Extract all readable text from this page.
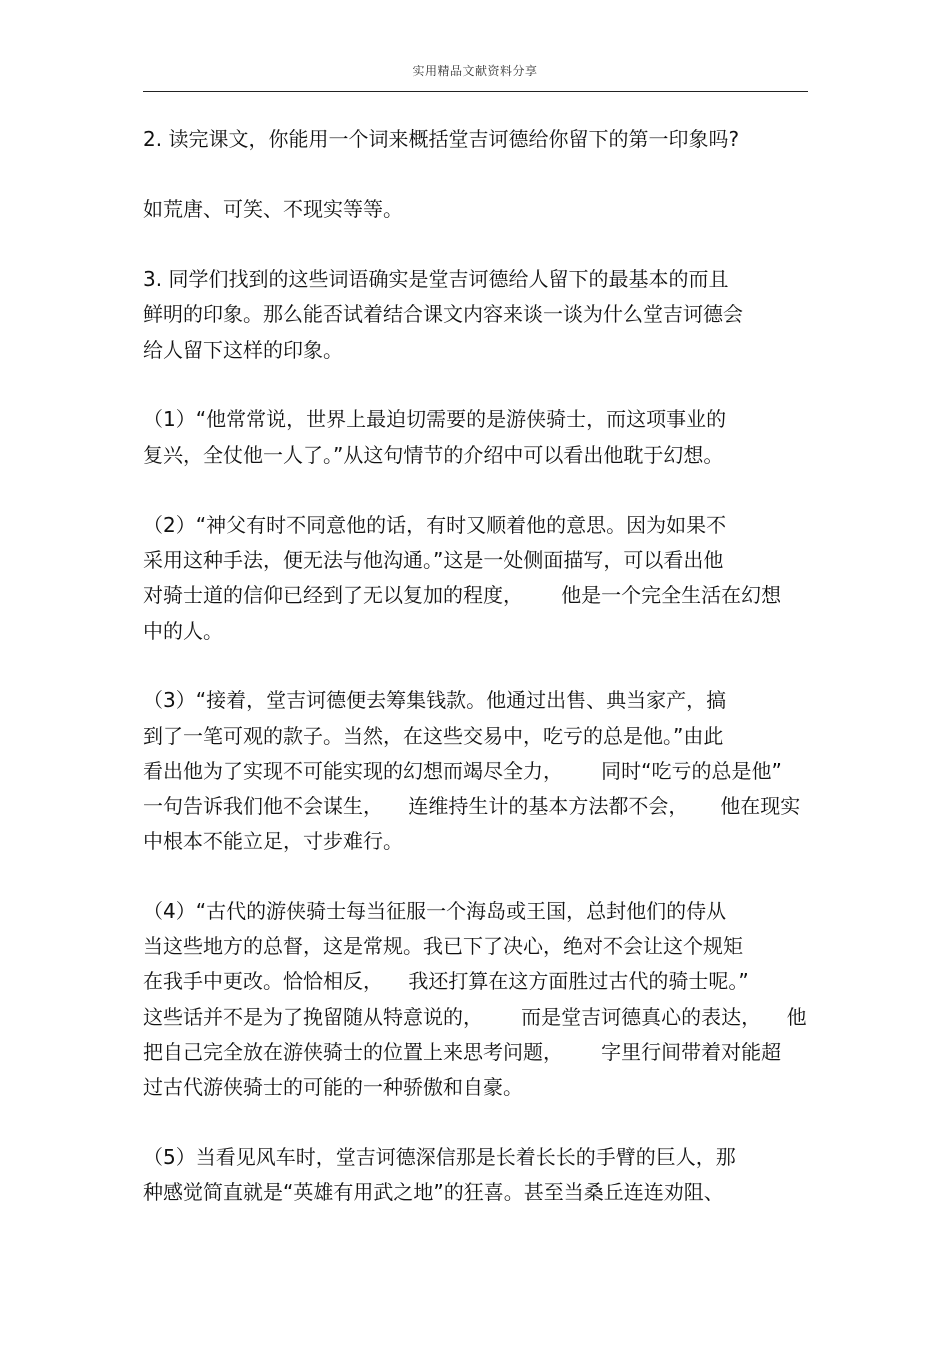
实用精品文献资料分享
2. 读完课文，你能用一个词来概括堂吉诃德给你留下的第一印象吗?
如荒唐、可笑、不现实等等。
3. 同学们找到的这些词语确实是堂吉诃德给人留下的最基本的而且
鲜明的印象。那么能否试着结合课文内容来谈一谈为什么堂吉诃德会
给人留下这样的印象。
（1）“他常常说，世界上最迫切需要的是游侠骑士，而这项事业的
复兴，全仗他一人了。”从这句情节的介绍中可以看出他耽于幻想。
（2）“神父有时不同意他的话，有时又顺着他的意思。因为如果不
采用这种手法，便无法与他沟通。”这是一处侧面描写，可以看出他
对骑士道的信仰已经到了无以复加的程度，      他是一个完全生活在幻想
中的人。
（3）“接着，堂吉诃德便去筹集钱款。他通过出售、典当家产，搞
到了一笔可观的款子。当然，在这些交易中，吃亏的总是他。”由此
看出他为了实现不可能实现的幻想而竭尽全力，      同时“吃亏的总是他”
一句告诉我们他不会谋生，    连维持生计的基本方法都不会，     他在现实
中根本不能立足，寸步难行。
（4）“古代的游侠骑士每当征服一个海岛或王国，总封他们的侍从
当这些地方的总督，这是常规。我已下了决心，绝对不会让这个规矩
在我手中更改。恰恰相反，    我还打算在这方面胜过古代的骑士呢。”
这些话并不是为了挽留随从特意说的，      而是堂吉诃德真心的表达，    他
把自己完全放在游侠骑士的位置上来思考问题，      字里行间带着对能超
过古代游侠骑士的可能的一种骄傲和自豪。
（5）当看见风车时，堂吉诃德深信那是长着长长的手臂的巨人，那
种感觉简直就是“英雄有用武之地”的狂喜。甚至当桑丘连连劝阻、
